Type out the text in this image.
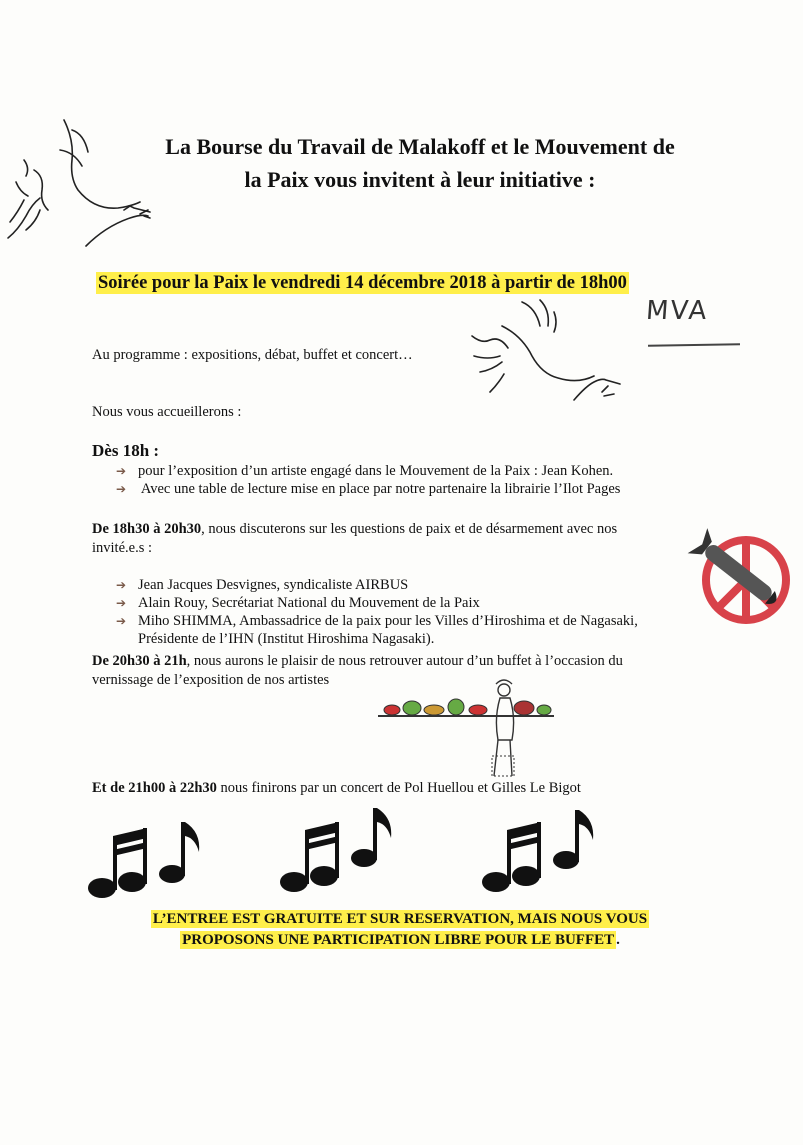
La Bourse du Travail de Malakoff et le Mouvement de
la Paix vous invitent à leur initiative :
Soirée pour la Paix le vendredi 14 décembre 2018 à partir de 18h00
MVA
Au programme : expositions, débat, buffet et concert…
Nous vous accueillerons :
Dès 18h :
➔ pour l’exposition d’un artiste engagé dans le Mouvement de la Paix : Jean Kohen.
➔ Avec une table de lecture mise en place par notre partenaire la librairie l’Ilot Pages
De 18h30 à 20h30, nous discuterons sur les questions de paix et de désarmement avec nos
invité.e.s :
➔ Jean Jacques Desvignes, syndicaliste AIRBUS
➔ Alain Rouy, Secrétariat National du Mouvement de la Paix
➔ Miho SHIMMA, Ambassadrice de la paix pour les Villes d’Hiroshima et de Nagasaki,
Présidente de l’IHN (Institut Hiroshima Nagasaki).
De 20h30 à 21h, nous aurons le plaisir de nous retrouver autour d’un buffet à l’occasion du
vernissage de l’exposition de nos artistes
Et de 21h00 à 22h30 nous finirons par un concert de Pol Huellou et Gilles Le Bigot
L’ENTREE EST GRATUITE ET SUR RESERVATION, MAIS NOUS VOUS
PROPOSONS UNE PARTICIPATION LIBRE POUR LE BUFFET .
